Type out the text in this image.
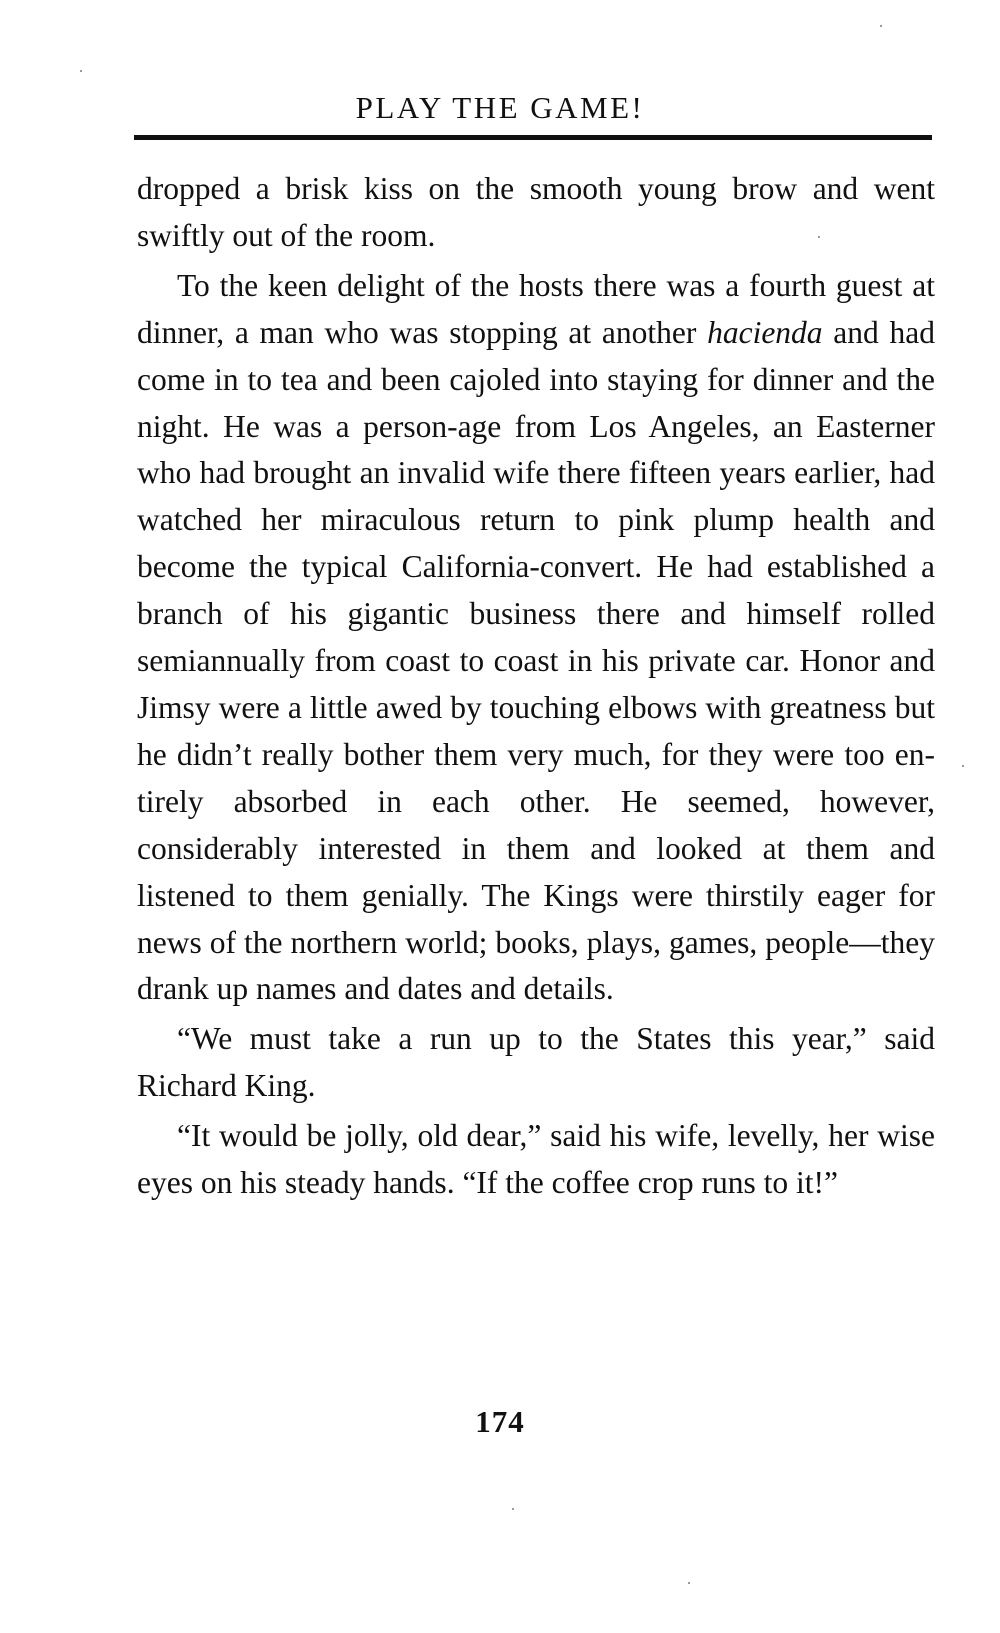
PLAY THE GAME!

dropped a brisk kiss on the smooth young brow and went swiftly out of the room.

To the keen delight of the hosts there was a fourth guest at dinner, a man who was stopping at another hacienda and had come in to tea and been cajoled into staying for dinner and the night. He was a person-age from Los Angeles, an Easterner who had brought an invalid wife there fifteen years earlier, had watched her miraculous return to pink plump health and become the typical California-convert. He had established a branch of his gigantic business there and himself rolled semiannually from coast to coast in his private car. Honor and Jimsy were a little awed by touching elbows with greatness but he didn’t really bother them very much, for they were too en-tirely absorbed in each other. He seemed, however, considerably interested in them and looked at them and listened to them genially. The Kings were thirstily eager for news of the northern world; books, plays, games, people—they drank up names and dates and details.

“We must take a run up to the States this year,” said Richard King.

“It would be jolly, old dear,” said his wife, levelly, her wise eyes on his steady hands. “If the coffee crop runs to it!”

174
